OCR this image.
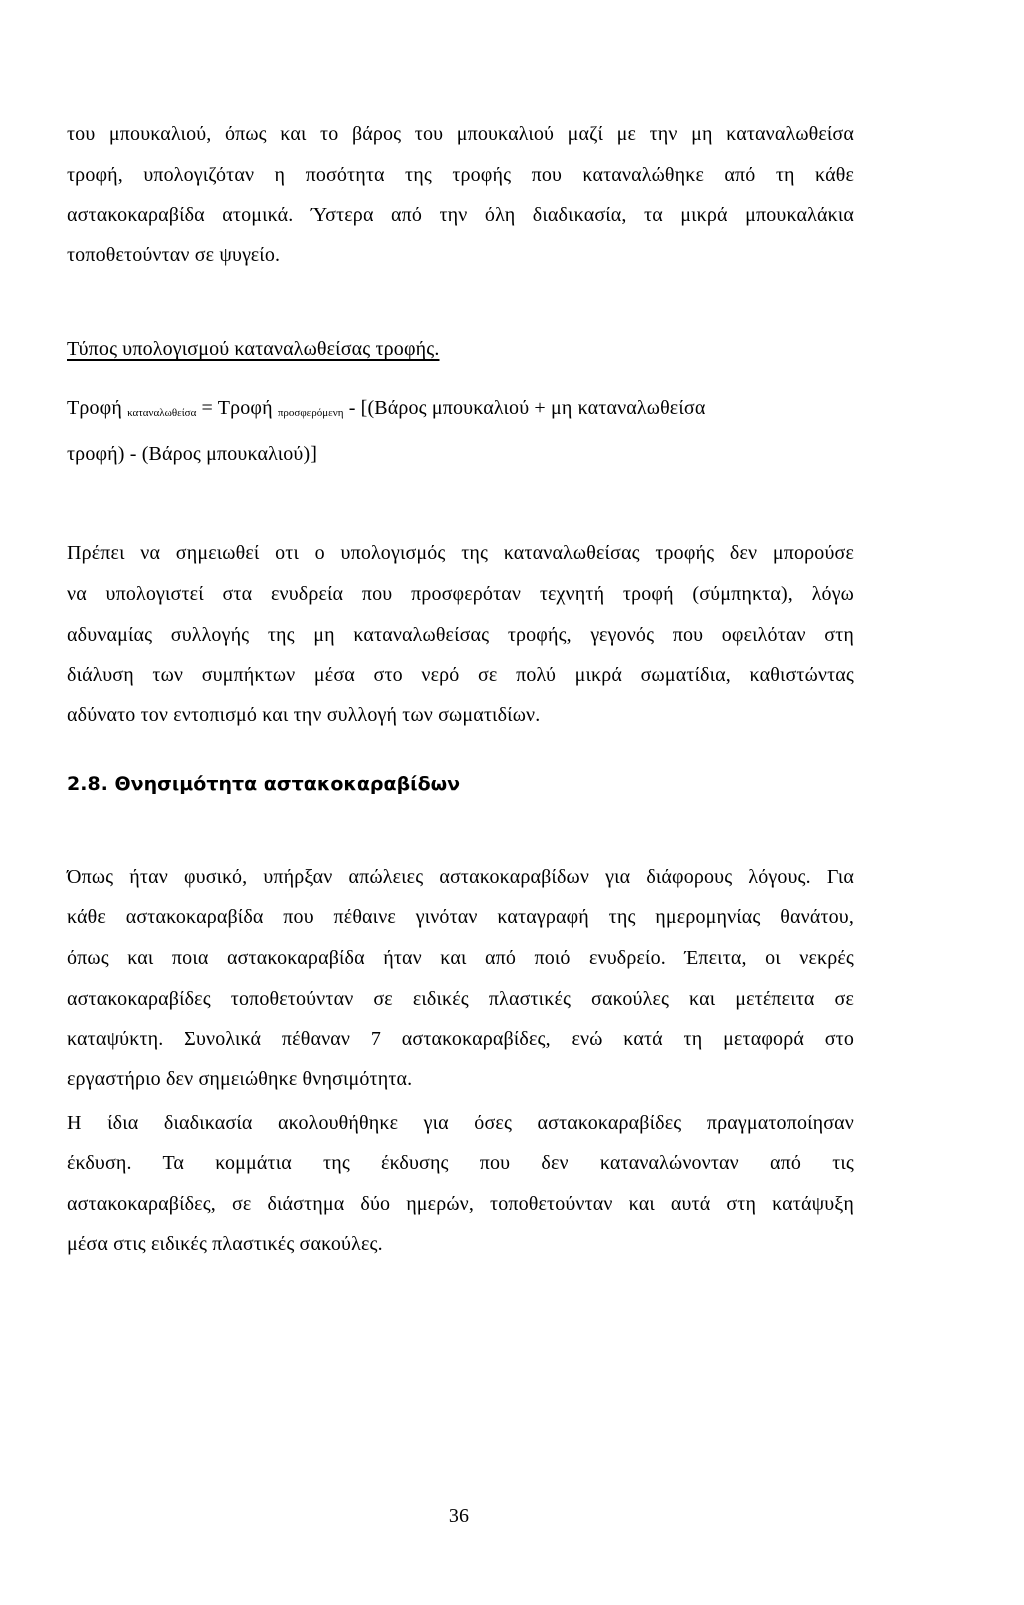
του μπουκαλιού, όπως και το βάρος του μπουκαλιού μαζί με την μη καταναλωθείσα
τροφή, υπολογιζόταν η ποσότητα της τροφής που καταναλώθηκε από τη κάθε
αστακοκαραβίδα ατομικά. Ύστερα από την όλη διαδικασία, τα μικρά μπουκαλάκια
τοποθετούνταν σε ψυγείο.
Τύπος υπολογισμού καταναλωθείσας τροφής.
Τροφή καταναλωθείσα = Τροφή προσφερόμενη - [(Βάρος μπουκαλιού + μη καταναλωθείσα
τροφή) - (Βάρος μπουκαλιού)]
Πρέπει να σημειωθεί οτι ο υπολογισμός της καταναλωθείσας τροφής δεν μπορούσε
να υπολογιστεί στα ενυδρεία που προσφερόταν τεχνητή τροφή (σύμπηκτα), λόγω
αδυναμίας συλλογής της μη καταναλωθείσας τροφής, γεγονός που οφειλόταν στη
διάλυση των συμπήκτων μέσα στο νερό σε πολύ μικρά σωματίδια, καθιστώντας
αδύνατο τον εντοπισμό και την συλλογή των σωματιδίων.
2.8. Θνησιμότητα αστακοκαραβίδων
Όπως ήταν φυσικό, υπήρξαν απώλειες αστακοκαραβίδων για διάφορους λόγους. Για
κάθε αστακοκαραβίδα που πέθαινε γινόταν καταγραφή της ημερομηνίας θανάτου,
όπως και ποια αστακοκαραβίδα ήταν και από ποιό ενυδρείο. Έπειτα, οι νεκρές
αστακοκαραβίδες τοποθετούνταν σε ειδικές πλαστικές σακούλες και μετέπειτα σε
καταψύκτη. Συνολικά πέθαναν 7 αστακοκαραβίδες, ενώ κατά τη μεταφορά στο
εργαστήριο δεν σημειώθηκε θνησιμότητα.
Η ίδια διαδικασία ακολουθήθηκε για όσες αστακοκαραβίδες πραγματοποίησαν
έκδυση. Τα κομμάτια της έκδυσης που δεν καταναλώνονταν από τις
αστακοκαραβίδες, σε διάστημα δύο ημερών, τοποθετούνταν και αυτά στη κατάψυξη
μέσα στις ειδικές πλαστικές σακούλες.
36
